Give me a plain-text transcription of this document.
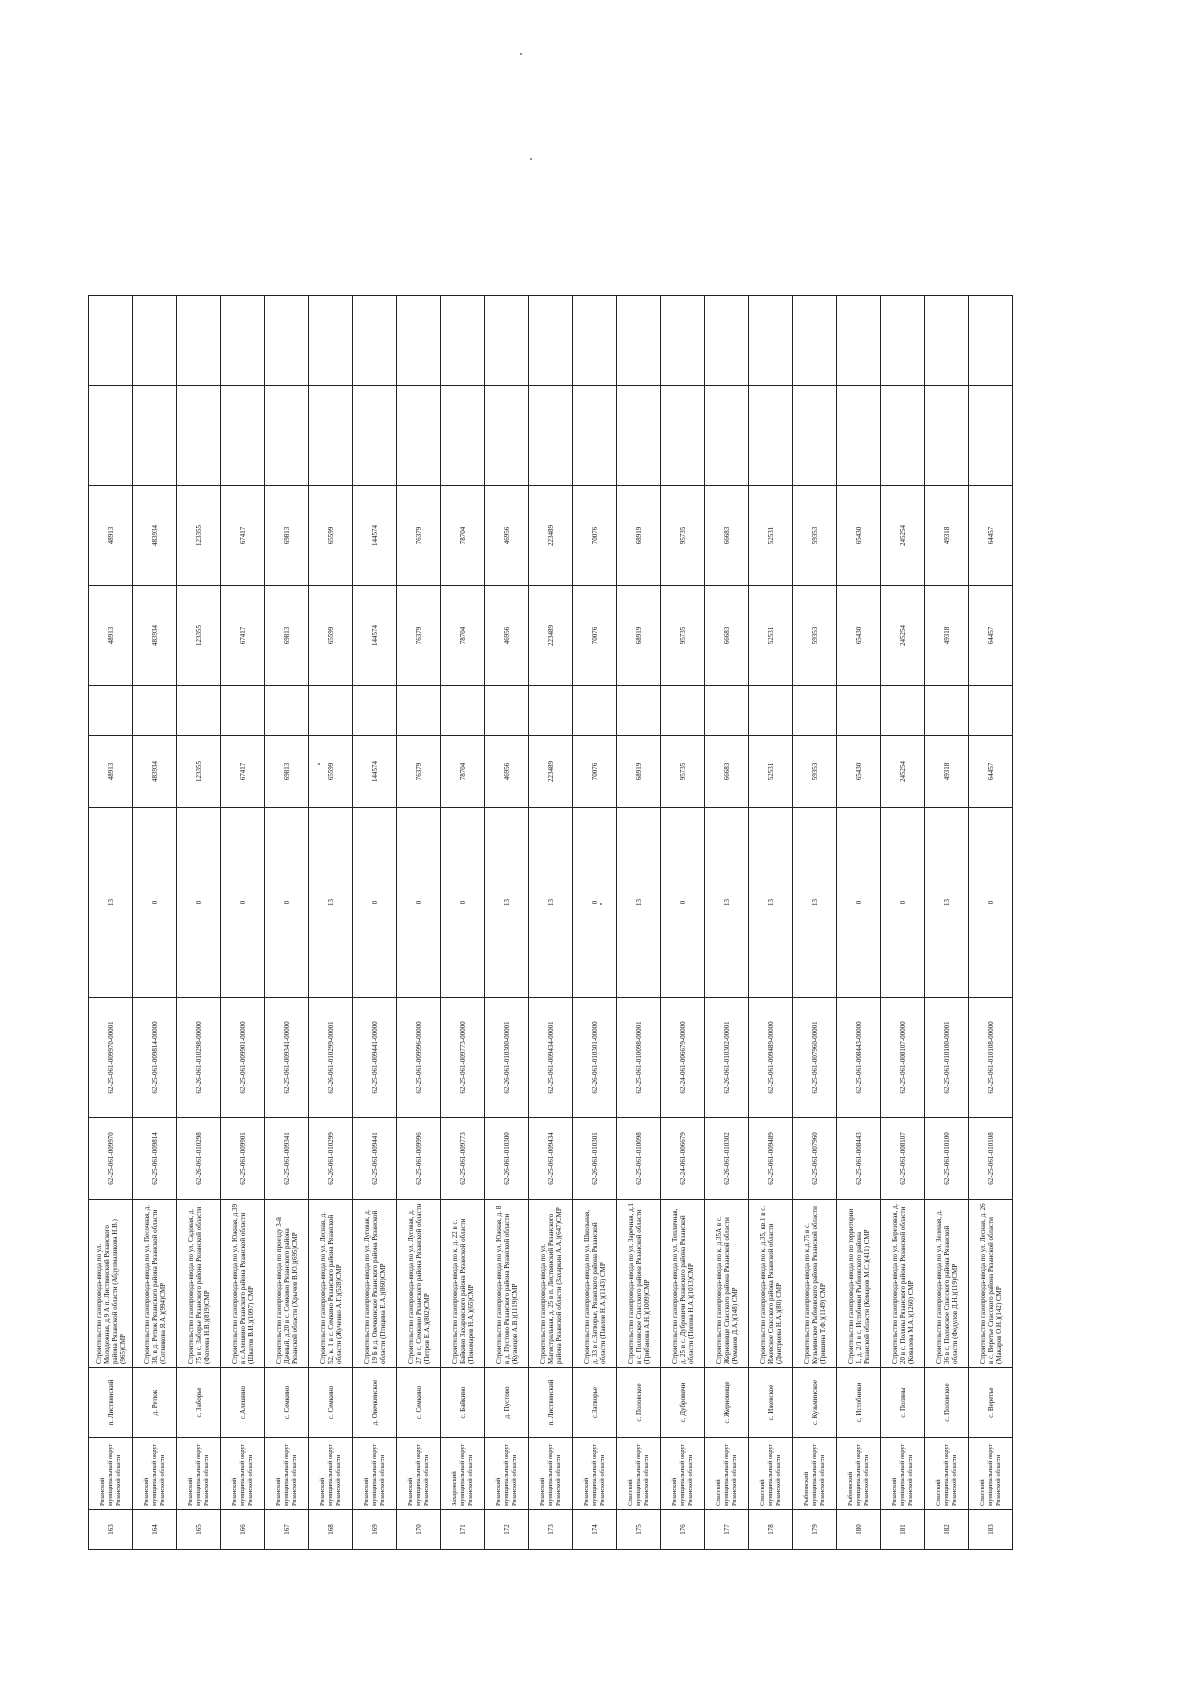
163	Рязанский муниципальный округ Рязанской области	п. Листвянский	Строительство газопровода-ввода по ул. Молодежная, д.9 А п. Листвянский Рязанского района Рязанской области (Абдулмаликова Н.В.)(965)СМР	62-25-061-009970	62-25-061-009970-00001	13	48913		48913	48913		
164	Рязанский муниципальный округ Рязанской области	д. Ретюк	Строительство газопровода-ввода по ул. Песочная, д. 38, в д. Ретюк Рязанского района Рязанской области (Сотникова Я.А.)(994)СМР	62-25-061-009814	62-25-061-009814-00000	0	483934		483934	483934		
165	Рязанский муниципальный округ Рязанской области	с. Заборье	Строительство газопровода-ввода по ул. Садовая, д. 75 в с. Заборье Рязанского района Рязанской области (Фатеева Н.В.)(819)СМР	62-26-061-010298	62-26-061-010298-00000	0	123355		123355	123355		
166	Рязанский муниципальный округ Рязанской области	с.Алешино	Строительство газопровода-ввода по ул. Южная, д.39 в с.Алешино Рязанского района Рязанской области (Шкатов В.И.)(1097) СМР	62-25-061-009901	62-25-061-009901-00000	0	67417		67417	67417		
167	Рязанский муниципальный округ Рязанской области	с. Семкино	Строительство газопровода-ввода по проезду 3-й Дачный, д.20 в с. Семкино Рязанского района Рязанской области (Хрычев В.Ю.)(695)СМР	62-25-061-009341	62-25-061-009341-00000	0	69813		69813	69813		
168	Рязанский муниципальный округ Рязанской области	с. Семкино	Строительство газопровода-ввода по ул. Лесная, д. 52, к. 1 в с. Семкино Рязанского района Рязанской области (Жученко А.Г.)(528)СМР	62-26-061-010299	62-26-061-010299-00001	13	65599		65599	65599		
169	Рязанский муниципальный округ Рязанской области	д. Овечкинское	Строительство газопровода-ввода по ул. Луговая, д. 19 Б в д. Овечкинское Рязанского района Рязанской области (Птицина Е.А.)(860)СМР	62-25-061-009441	62-25-061-009441-00000	0	144574		144574	144574		
170	Рязанский муниципальный округ Рязанской области	с. Семкино	Строительство газопровода-ввода по ул. Луговая, д. 27 в с. Семкино Рязанского района Рязанской области (Петров Е.А.)(802)СМР	62-25-061-009996	62-25-061-009996-00000	0	76379		76379	76379		
171	Захаровский муниципальный округ Рязанской области	с. Байкино	Строительство газопровода-ввода по к. д. 22 в с. Байкино Захаровского района Рязанской области (Пономарев Н.А.)(65)СМР	62-25-061-009773	62-25-061-009773-00000	0	78704		78704	78704		
172	Рязанский муниципальный округ Рязанской области	д. Пустово	Строительство газопровода-ввода по ул. Южная, д. 8 в д. Пустово Рязанского района Рязанской области (Кузнецов А.В.)(1119)СМР	62-26-061-010300	62-26-061-010300-00001	13	46956		46956	46956		
173	Рязанский муниципальный округ Рязанской области	п. Листвянский	Строительство газопровода-ввода по ул. Магистральная, д. 25 в п. Листвянский Рязанского района Рязанской области (Захаркин А.А.)(647)СМР	62-25-061-009434	62-25-061-009434-00001	13	223489		223489	223489		
174	Рязанский муниципальный округ Рязанской области	с.Затворье	Строительство газопровода-ввода по ул. Школьная, д. 33 в с.Затворье, Рязанского района Рязанской области (Павлов Н.А.)(1143) СМР	62-26-061-010301	62-26-061-010301-00000	0	70076		70076	70076		
175	Спасский муниципальный округ Рязанской области	с. Половское	Строительство газопровода-ввода по ул. Заречная, д.1 в с. Половское Спасского района Рязанской области (Грибанова А.Н.)(1009)СМР	62-25-061-010098	62-25-061-010098-00001	13	68919		68919	68919		
176	Рязанский муниципальный округ Рязанской области	с. Дубровичи	Строительство газопровода-ввода по ул. Тепличная, д. 25 в с. Дубровичи Рязанского района Рязанской области (Попова Н.А.)(1013)СМР	62-24-061-006679	62-24-061-006679-00000	0	95735		95735	95735		
177	Спасский муниципальный округ Рязанской области	с. Жерновище	Строительство газопровода-ввода по к. д.35А в с. Жерновище Спасского района Рязанской области (Романов Д.А.)(148) СМР	62-26-061-010302	62-26-061-010302-00001	13	66683		66683	66683		
178	Спасский муниципальный округ Рязанской области	с. Ижевское	Строительство газопровода-ввода по к. д.35, кв.1 в с. Ижевское Спасского района Рязанской области (Дмитриева Н.А.)(80) СМР	62-25-061-009489	62-25-061-009489-00000	13	52531		52531	52531		
179	Рыбновский муниципальный округ Рязанской области	с. Кузьминское	Строительство газопровода-ввода по к.д.75 в с. Кузьминское Рыбновского района Рязанской области (Гришина Т.Ф.)(1149) СМР	62-25-061-007960	62-25-061-007960-00001	13	59353		59353	59353		
180	Рыбновский муниципальный округ Рязанской области	с. Истобники	Строительство газопровода-ввода по по территории 1, д. 2/1 в с. Истобники Рыбновского района Рязанской области (Комаров М.С.)(411) СМР	62-25-061-008443	62-25-061-008443-00000	0	65430		65430	65430		
181	Рязанский муниципальный округ Рязанской области	с. Поляны	Строительство газопровода-ввода по ул. Березовая, д. 20 в с. Поляны Рязанского района Рязанской области (Ковалева М.А.)(1260) СМР	62-25-061-008107	62-25-061-008107-00000	0	245254		245254	245254		
182	Спасский муниципальный округ Рязанской области	с. Половское	Строительство газопровода-ввода по ул. Зеленая, д. 36 в с. Половское Спасского района Рязанской области (Федулов Д.Н.)(119)СМР	62-25-061-010100	62-25-061-010100-00001	13	49318		49318	49318		
183	Спасский муниципальный округ Рязанской области	с. Веретье	Строительство газопровода-ввода по ул. Лесная, д. 26 в с. Веретье Спасского района Рязанской области (Макаров О.Н.)(142) СМР	62-25-061-010108	62-25-061-010108-00000	0	64457		64457	64457		
